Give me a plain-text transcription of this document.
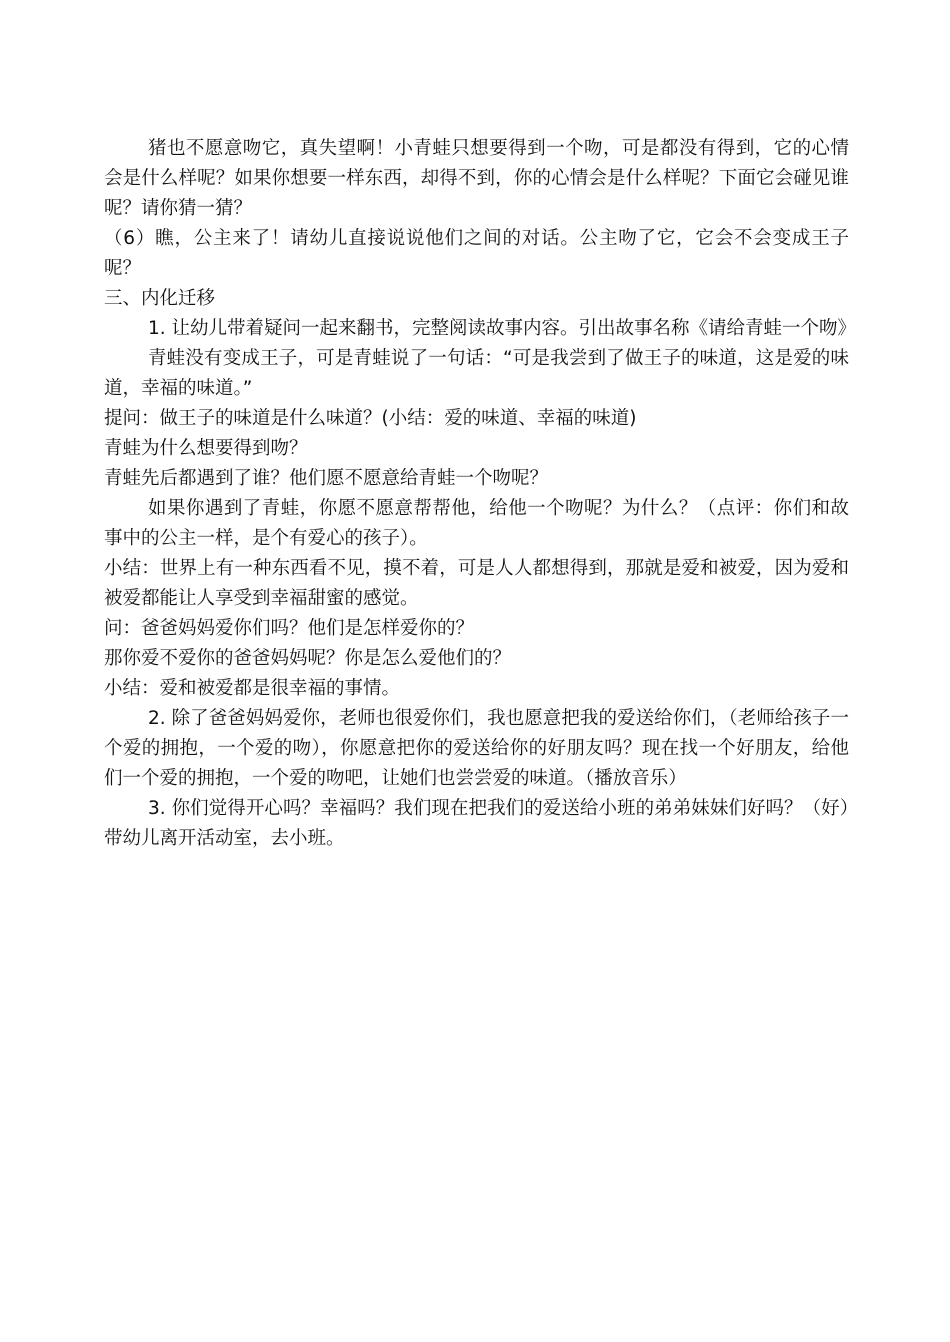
猪也不愿意吻它，真失望啊！小青蛙只想要得到一个吻，可是都没有得到，它的心情会是什么样呢？如果你想要一样东西，却得不到，你的心情会是什么样呢？下面它会碰见谁呢？请你猜一猜？

（6）瞧，公主来了！请幼儿直接说说他们之间的对话。公主吻了它，它会不会变成王子呢？

三、内化迁移

1. 让幼儿带着疑问一起来翻书，完整阅读故事内容。引出故事名称《请给青蛙一个吻》

青蛙没有变成王子，可是青蛙说了一句话：“可是我尝到了做王子的味道，这是爱的味道，幸福的味道。”

提问：做王子的味道是什么味道？(小结：爱的味道、幸福的味道)

青蛙为什么想要得到吻？

青蛙先后都遇到了谁？他们愿不愿意给青蛙一个吻呢？

如果你遇到了青蛙，你愿不愿意帮帮他，给他一个吻呢？为什么？（点评：你们和故事中的公主一样，是个有爱心的孩子）。

小结：世界上有一种东西看不见，摸不着，可是人人都想得到，那就是爱和被爱，因为爱和被爱都能让人享受到幸福甜蜜的感觉。

问：爸爸妈妈爱你们吗？他们是怎样爱你的？

那你爱不爱你的爸爸妈妈呢？你是怎么爱他们的？

小结：爱和被爱都是很幸福的事情。

2. 除了爸爸妈妈爱你，老师也很爱你们，我也愿意把我的爱送给你们，（老师给孩子一个爱的拥抱，一个爱的吻），你愿意把你的爱送给你的好朋友吗？现在找一个好朋友，给他们一个爱的拥抱，一个爱的吻吧，让她们也尝尝爱的味道。（播放音乐）

3. 你们觉得开心吗？幸福吗？我们现在把我们的爱送给小班的弟弟妹妹们好吗？（好）带幼儿离开活动室，去小班。
